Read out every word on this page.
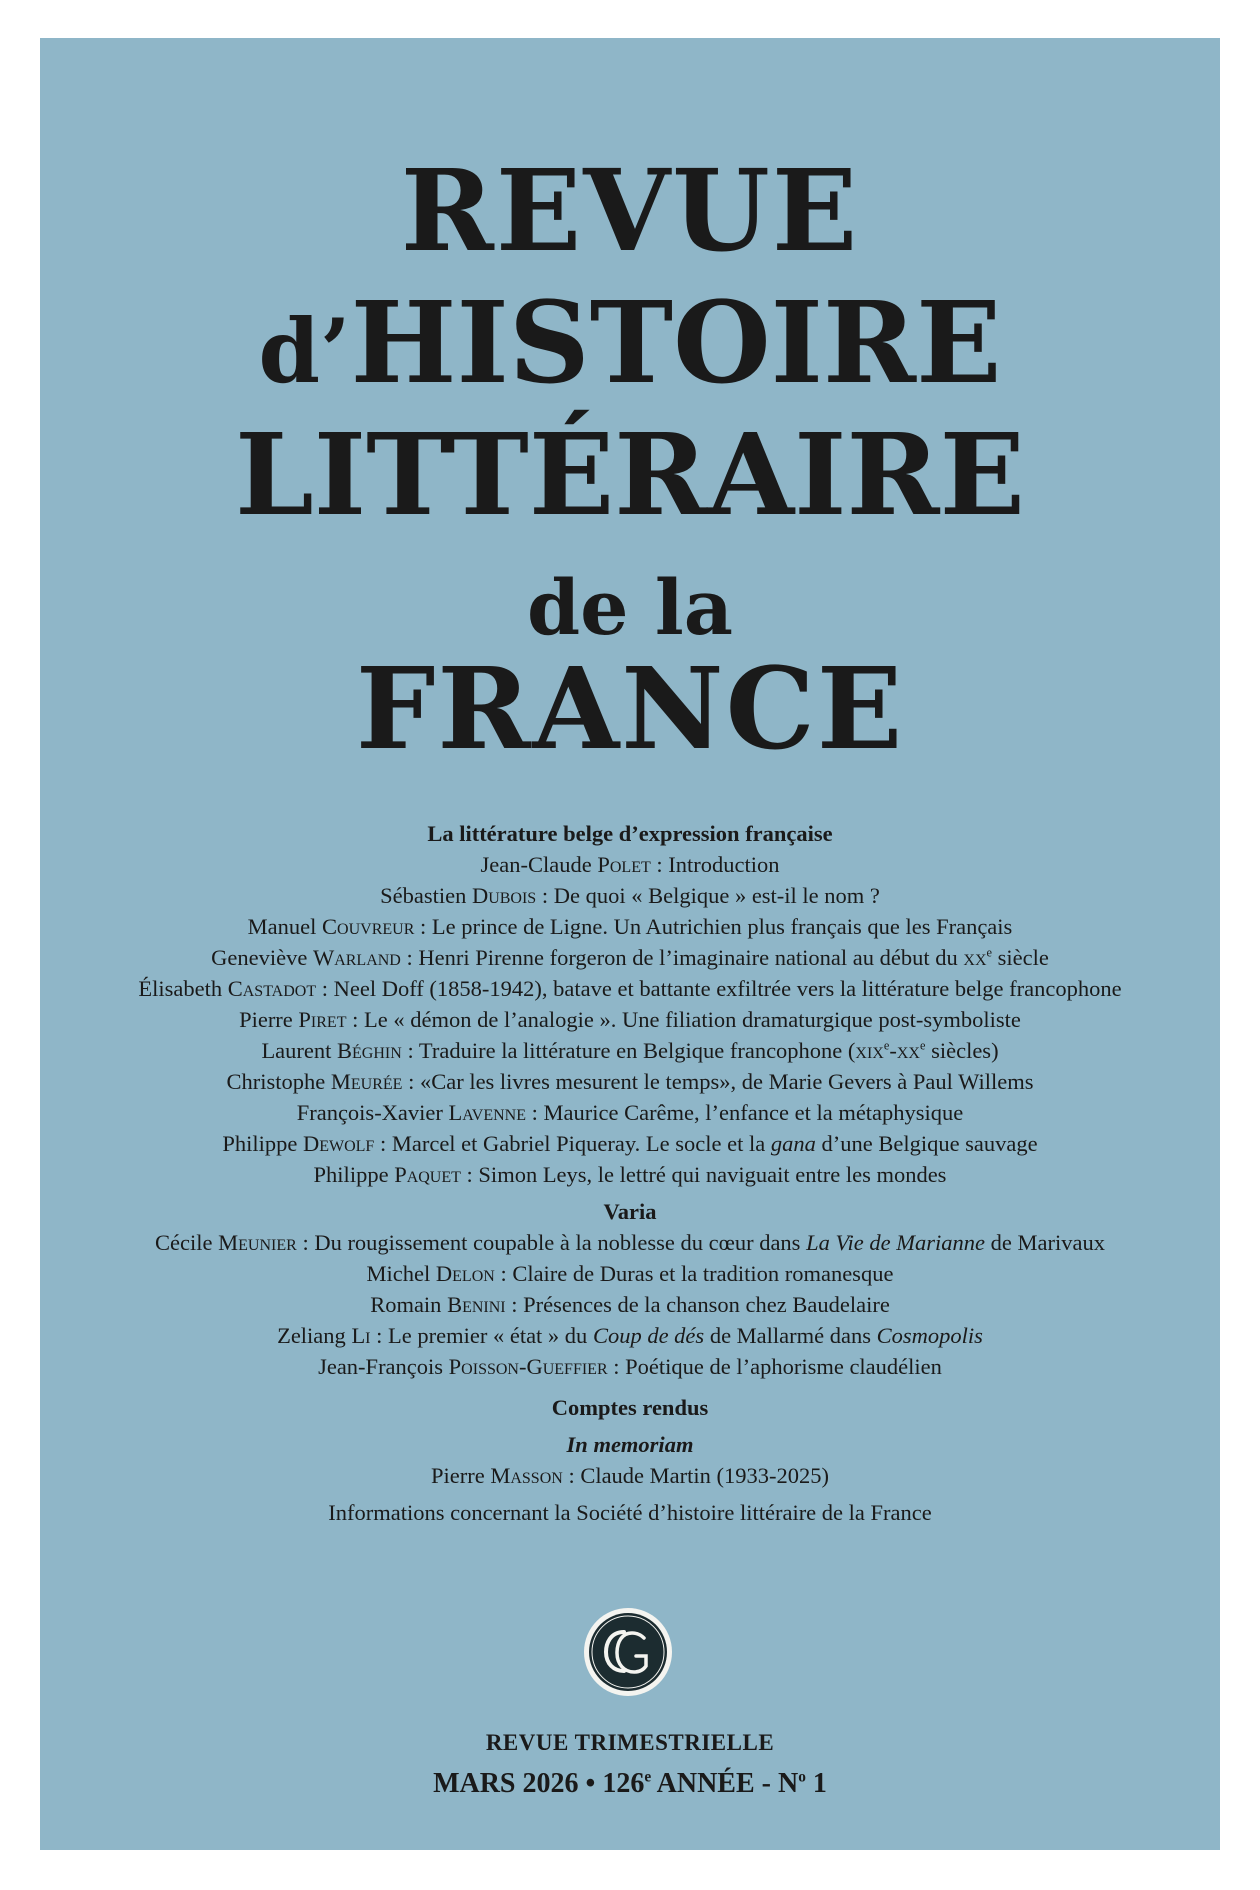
REVUE
d’HISTOIRE
LITTÉRAIRE
de la
FRANCE
La littérature belge d’expression française
Jean-Claude Polet : Introduction
Sébastien Dubois : De quoi « Belgique » est-il le nom ?
Manuel Couvreur : Le prince de Ligne. Un Autrichien plus français que les Français
Geneviève Warland : Henri Pirenne forgeron de l’imaginaire national au début du $xx^e$ siècle
Élisabeth Castadot : Neel Doff (1858-1942), batave et battante exfiltrée vers la littérature belge francophone
Pierre Piret : Le « démon de l’analogie ». Une filiation dramaturgique post-symboliste
Laurent Béghin : Traduire la littérature en Belgique francophone ($xix^e-xx^e$ siècles)
Christophe Meurée : «Car les livres mesurent le temps», de Marie Gevers à Paul Willems
François-Xavier Lavenne : Maurice Carême, l’enfance et la métaphysique
Philippe Dewolf : Marcel et Gabriel Piqueray. Le socle et la gana d’une Belgique sauvage
Philippe Paquet : Simon Leys, le lettré qui naviguait entre les mondes
Varia
Cécile Meunier : Du rougissement coupable à la noblesse du cœur dans La Vie de Marianne de Marivaux
Michel Delon : Claire de Duras et la tradition romanesque
Romain Benini : Présences de la chanson chez Baudelaire
Zeliang Li : Le premier « état » du Coup de dés de Mallarmé dans Cosmopolis
Jean-François Poisson-Gueffier : Poétique de l’aphorisme claudélien
Comptes rendus
In memoriam
Pierre Masson : Claude Martin (1933-2025)
Informations concernant la Société d’histoire littéraire de la France
REVUE TRIMESTRIELLE
MARS 2026 • 126e ANNÉE - $N^o$ 1
